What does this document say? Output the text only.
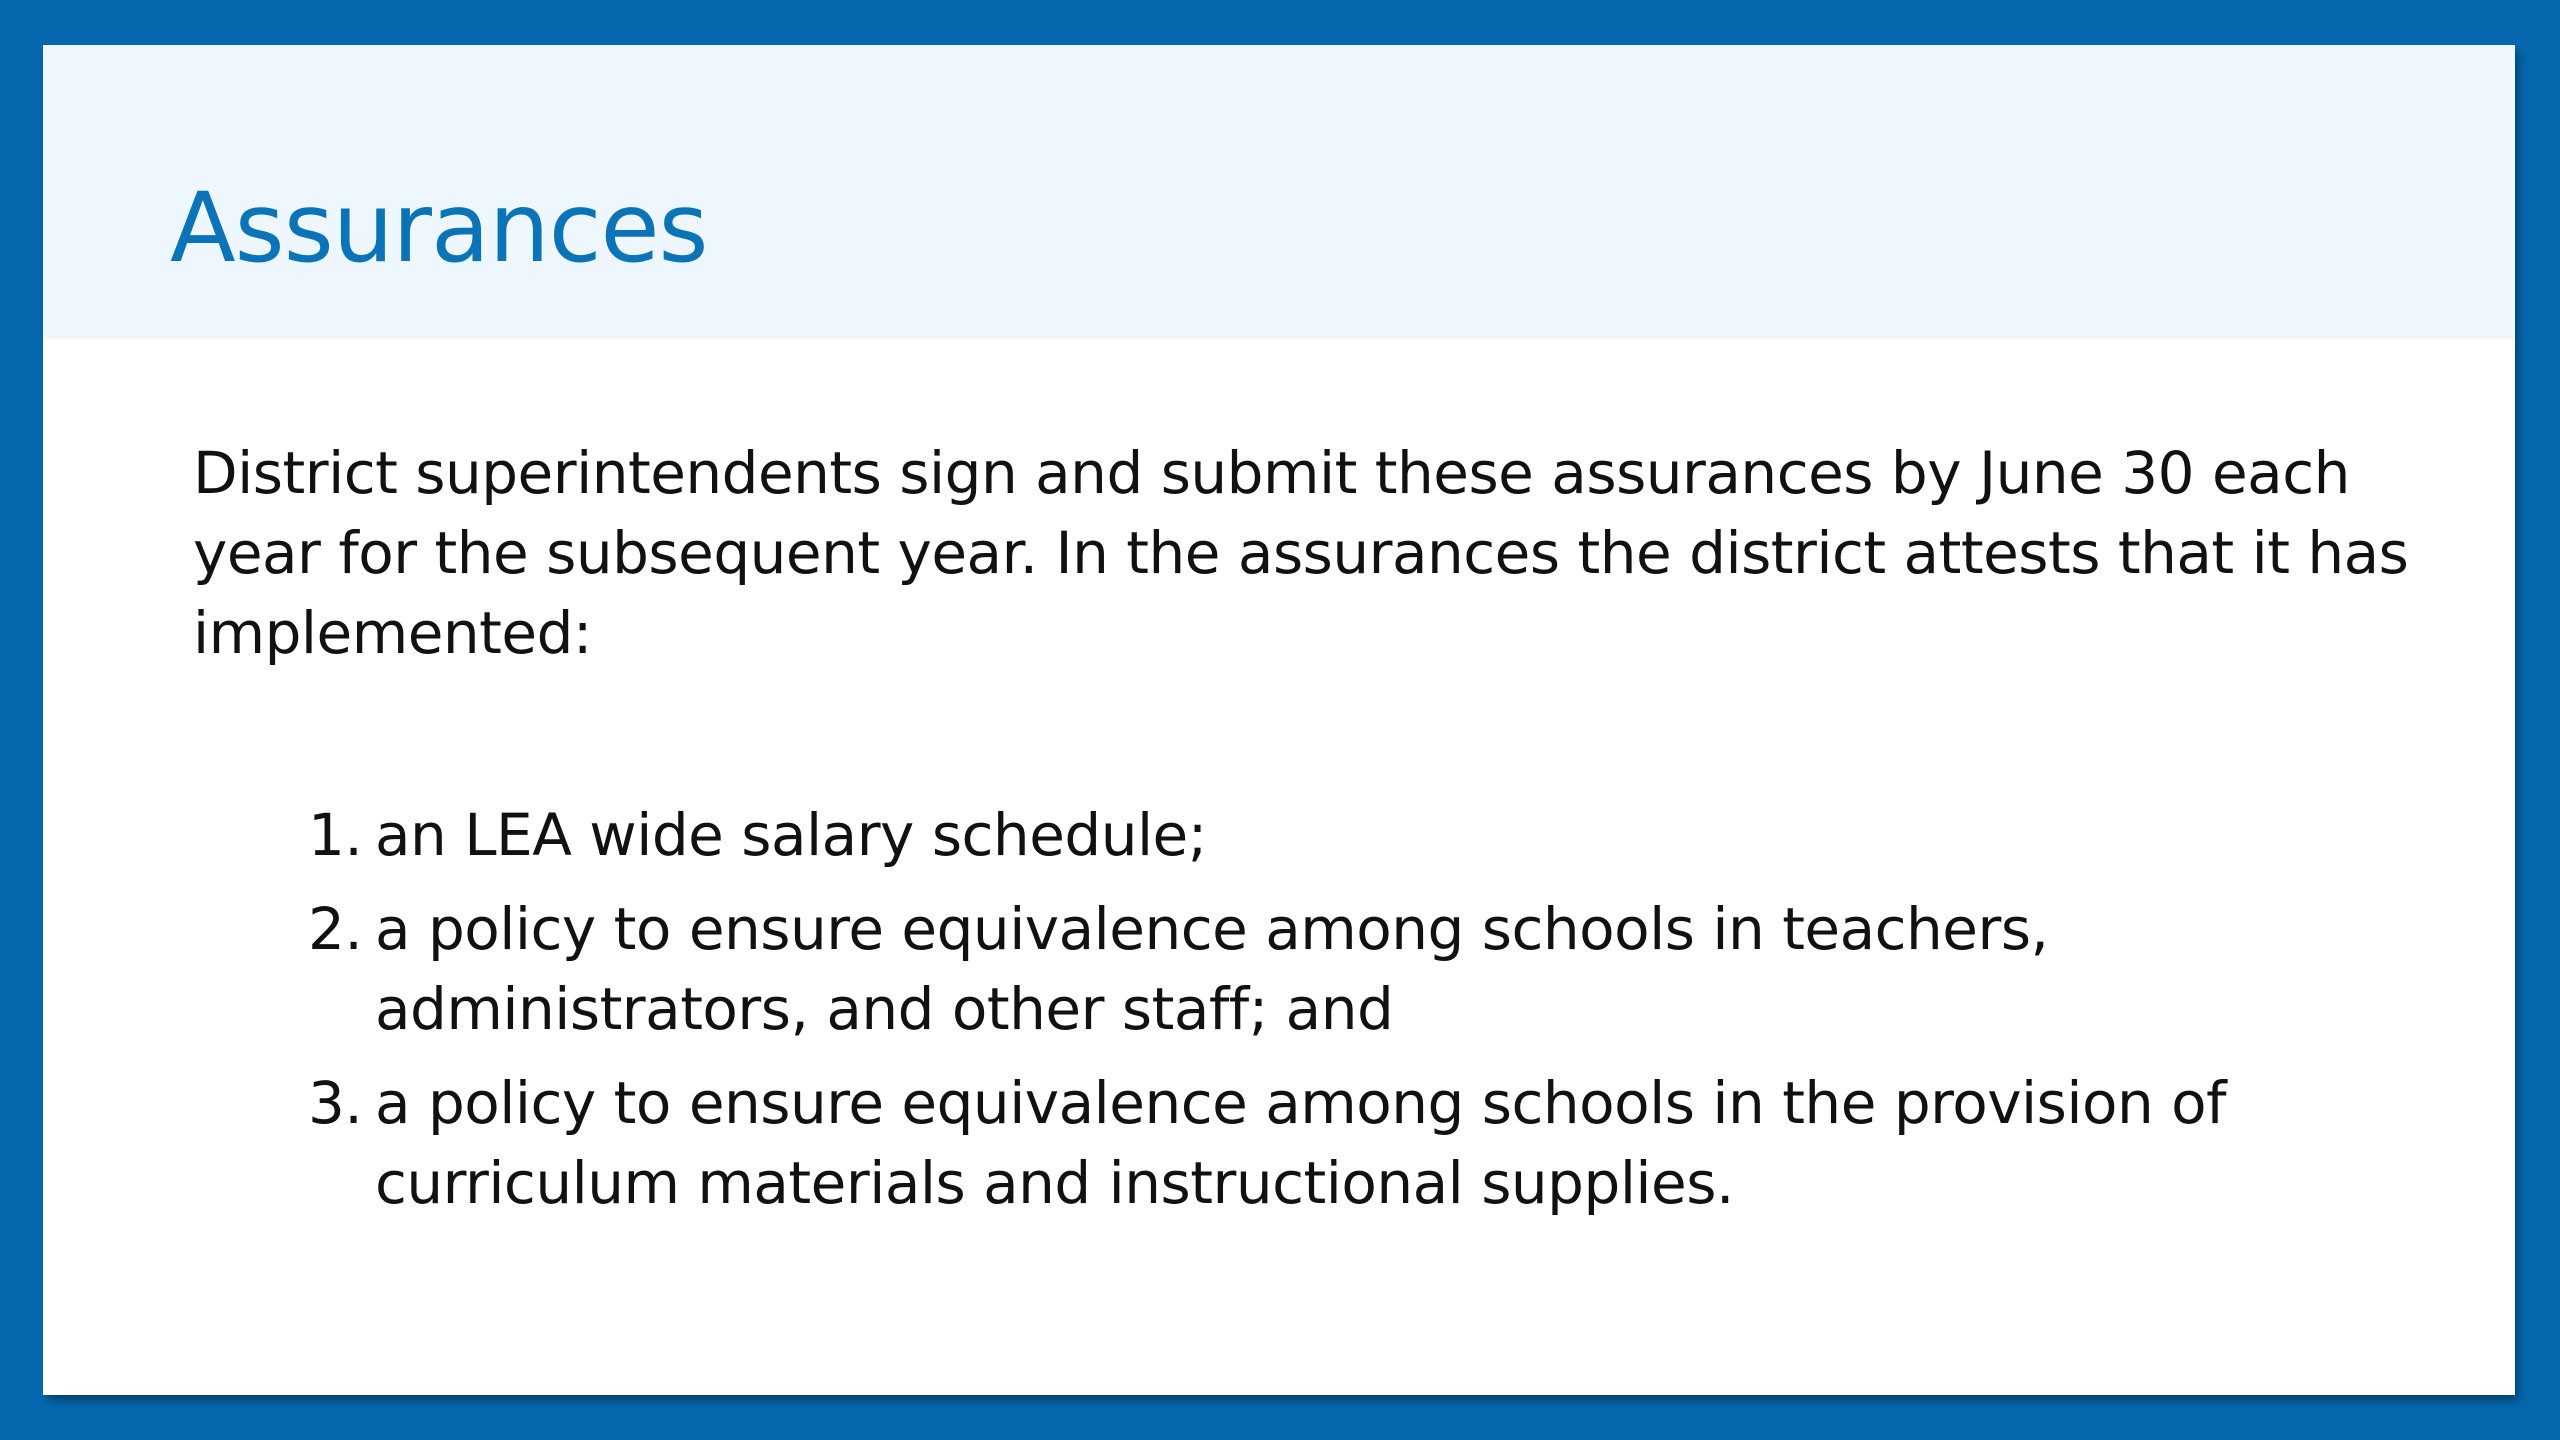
Assurances

District superintendents sign and submit these assurances by June 30 each year for the subsequent year. In the assurances the district attests that it has implemented:

1. an LEA wide salary schedule;
2. a policy to ensure equivalence among schools in teachers, administrators, and other staff; and
3. a policy to ensure equivalence among schools in the provision of curriculum materials and instructional supplies.
